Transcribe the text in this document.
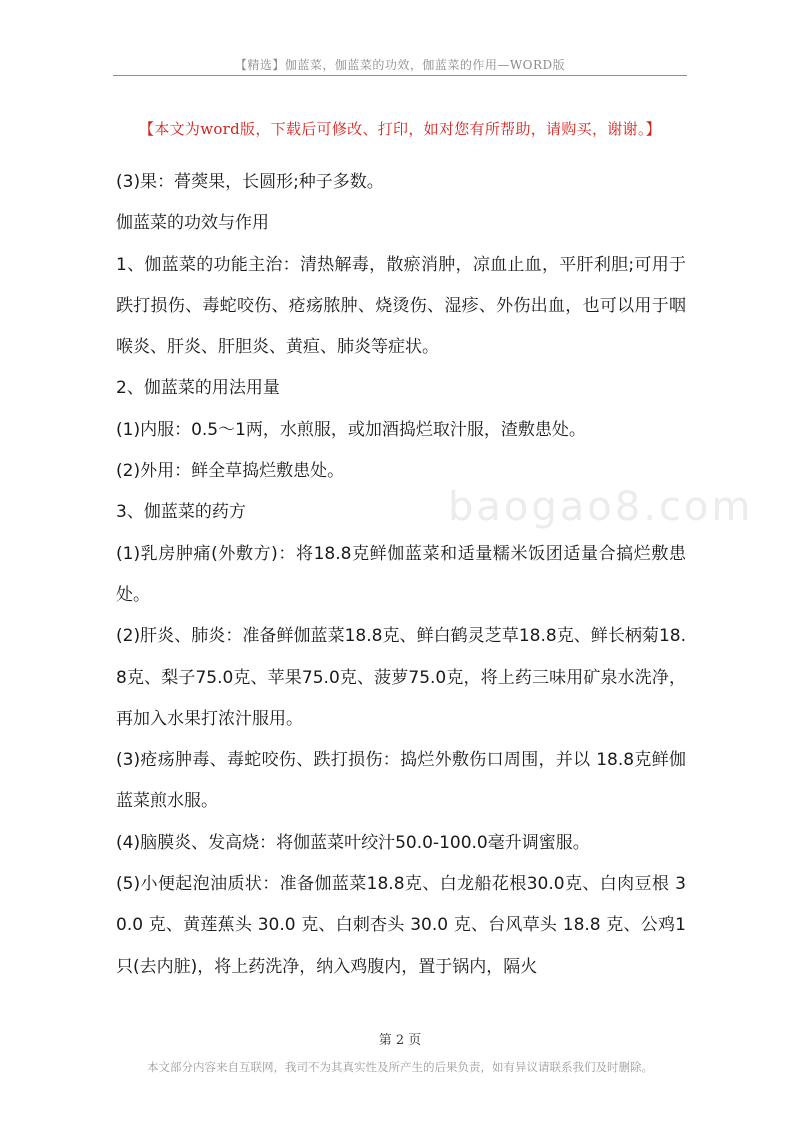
【精选】伽蓝菜，伽蓝菜的功效，伽蓝菜的作用—WORD版
【本文为word版，下载后可修改、打印，如对您有所帮助，请购买，谢谢。】
baogao8.com

(3)果：蓇葖果，长圆形;种子多数。

伽蓝菜的功效与作用

1、伽蓝菜的功能主治：清热解毒，散瘀消肿，凉血止血，平肝利胆;可用于跌打损伤、毒蛇咬伤、疮疡脓肿、烧烫伤、湿疹、外伤出血，也可以用于咽喉炎、肝炎、肝胆炎、黄疸、肺炎等症状。

2、伽蓝菜的用法用量

(1)内服：0.5～1两，水煎服，或加酒捣烂取汁服，渣敷患处。

(2)外用：鲜全草捣烂敷患处。

3、伽蓝菜的药方

(1)乳房肿痛(外敷方)：将18.8克鲜伽蓝菜和适量糯米饭团适量合搞烂敷患处。

(2)肝炎、肺炎：准备鲜伽蓝菜18.8克、鲜白鹤灵芝草18.8克、鲜长柄菊18.8克、梨子75.0克、苹果75.0克、菠萝75.0克，将上药三味用矿泉水洗净，再加入水果打浓汁服用。

(3)疮疡肿毒、毒蛇咬伤、跌打损伤：捣烂外敷伤口周围，并以 18.8克鲜伽蓝菜煎水服。

(4)脑膜炎、发高烧：将伽蓝菜叶绞汁50.0-100.0毫升调蜜服。

(5)小便起泡油质状：准备伽蓝菜18.8克、白龙船花根30.0克、白肉豆根 30.0 克、黄莲蕉头 30.0 克、白刺杏头 30.0 克、台风草头 18.8 克、公鸡1只(去内脏)，将上药洗净，纳入鸡腹内，置于锅内，隔火

第 2 页
本文部分内容来自互联网，我司不为其真实性及所产生的后果负责，如有异议请联系我们及时删除。
